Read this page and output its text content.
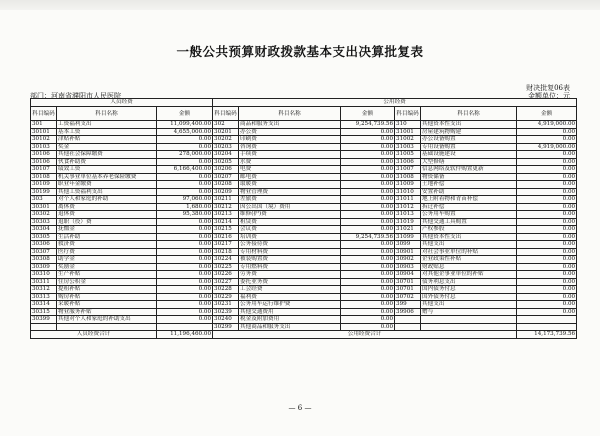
一般公共预算财政拨款基本支出决算批复表
财决批复06表
部门：河南省濮阳市人民医院	金额单位：元
人员经费			公用经费					
科目编码	科目名称	金额	科目编码	科目名称	金额	科目编码	科目名称	金额
301	工资福利支出	11,099,400.00	302	商品和服务支出	9,254,739.56	310	其他资本性支出	4,919,000.00
30101	基本工资	4,655,000.00	30201	办公费	0.00	31001	房屋建筑物购建	0.00
30102	津贴补贴	0.00	30202	印刷费	0.00	31002	办公设备购置	0.00
30103	奖金	0.00	30203	咨询费	0.00	31003	专用设备购置	4,919,000.00
30106	其他社会保障缴费	278,000.00	30204	手续费	0.00	31005	基础设施建设	0.00
30106	伙食补助费	0.00	30205	水费	0.00	31006	大型修缮	0.00
30107	绩效工资	6,166,400.00	30206	电费	0.00	31007	信息网络及软件购置更新	0.00
30108	机关事业单位基本养老保险缴费	0.00	30207	邮电费	0.00	31008	物资储备	0.00
30109	职业年金缴费	0.00	30208	取暖费	0.00	31009	土地补偿	0.00
30199	其他工资福利支出	0.00	30209	物业管理费	0.00	31010	安置补助	0.00
303	对个人和家庭的补助	97,060.00	30211	差旅费	0.00	31011	地上附着物和青苗补偿	0.00
30301	离休费	1,680.00	30212	因公出国（境）费用	0.00	31012	拆迁补偿	0.00
30302	退休费	95,380.00	30213	维修(护)费	0.00	31013	公务用车购置	0.00
30303	退职（役）费	0.00	30214	租赁费	0.00	31019	其他交通工具购置	0.00
30304	抚恤金	0.00	30215	会议费	0.00	31021	产权参股	0.00
30305	生活补助	0.00	30216	培训费	9,254,739.56	31099	其他资本性支出	0.00
30306	救济费	0.00	30217	公务接待费	0.00	3099	其他支出	0.00
30307	医疗费	0.00	30218	专用材料费	0.00	30901	对社会事业单位的补贴	0.00
30308	助学金	0.00	30224	被装购置费	0.00	30902	企业政策性补贴	0.00
30309	奖励金	0.00	30225	专用燃料费	0.00	30903	财政贴息	0.00
30310	生产补贴	0.00	30226	劳务费	0.00	30904	对其他企事业单位的补贴	0.00
30311	住房公积金	0.00	30227	委托业务费	0.00	30701	债务利息支出	0.00
30312	提租补贴	0.00	30228	工会经费	0.00	30701	国内债务付息	0.00
30313	购房补贴	0.00	30229	福利费	0.00	30702	国外债务付息	0.00
30314	采暖补贴	0.00	30231	公务用车运行维护费	0.00	399	其他支出	0.00
30315	物业服务补贴	0.00	30239	其他交通费用	0.00	39906	赠与	0.00
30399	其他对个人和家庭的补助支出	0.00	30240	税金及附加费用	0.00			
			30299	其他商品和服务支出	0.00			
人员经费合计		11,196,460.00	公用经费合计					14,173,739.56
— 6 —
